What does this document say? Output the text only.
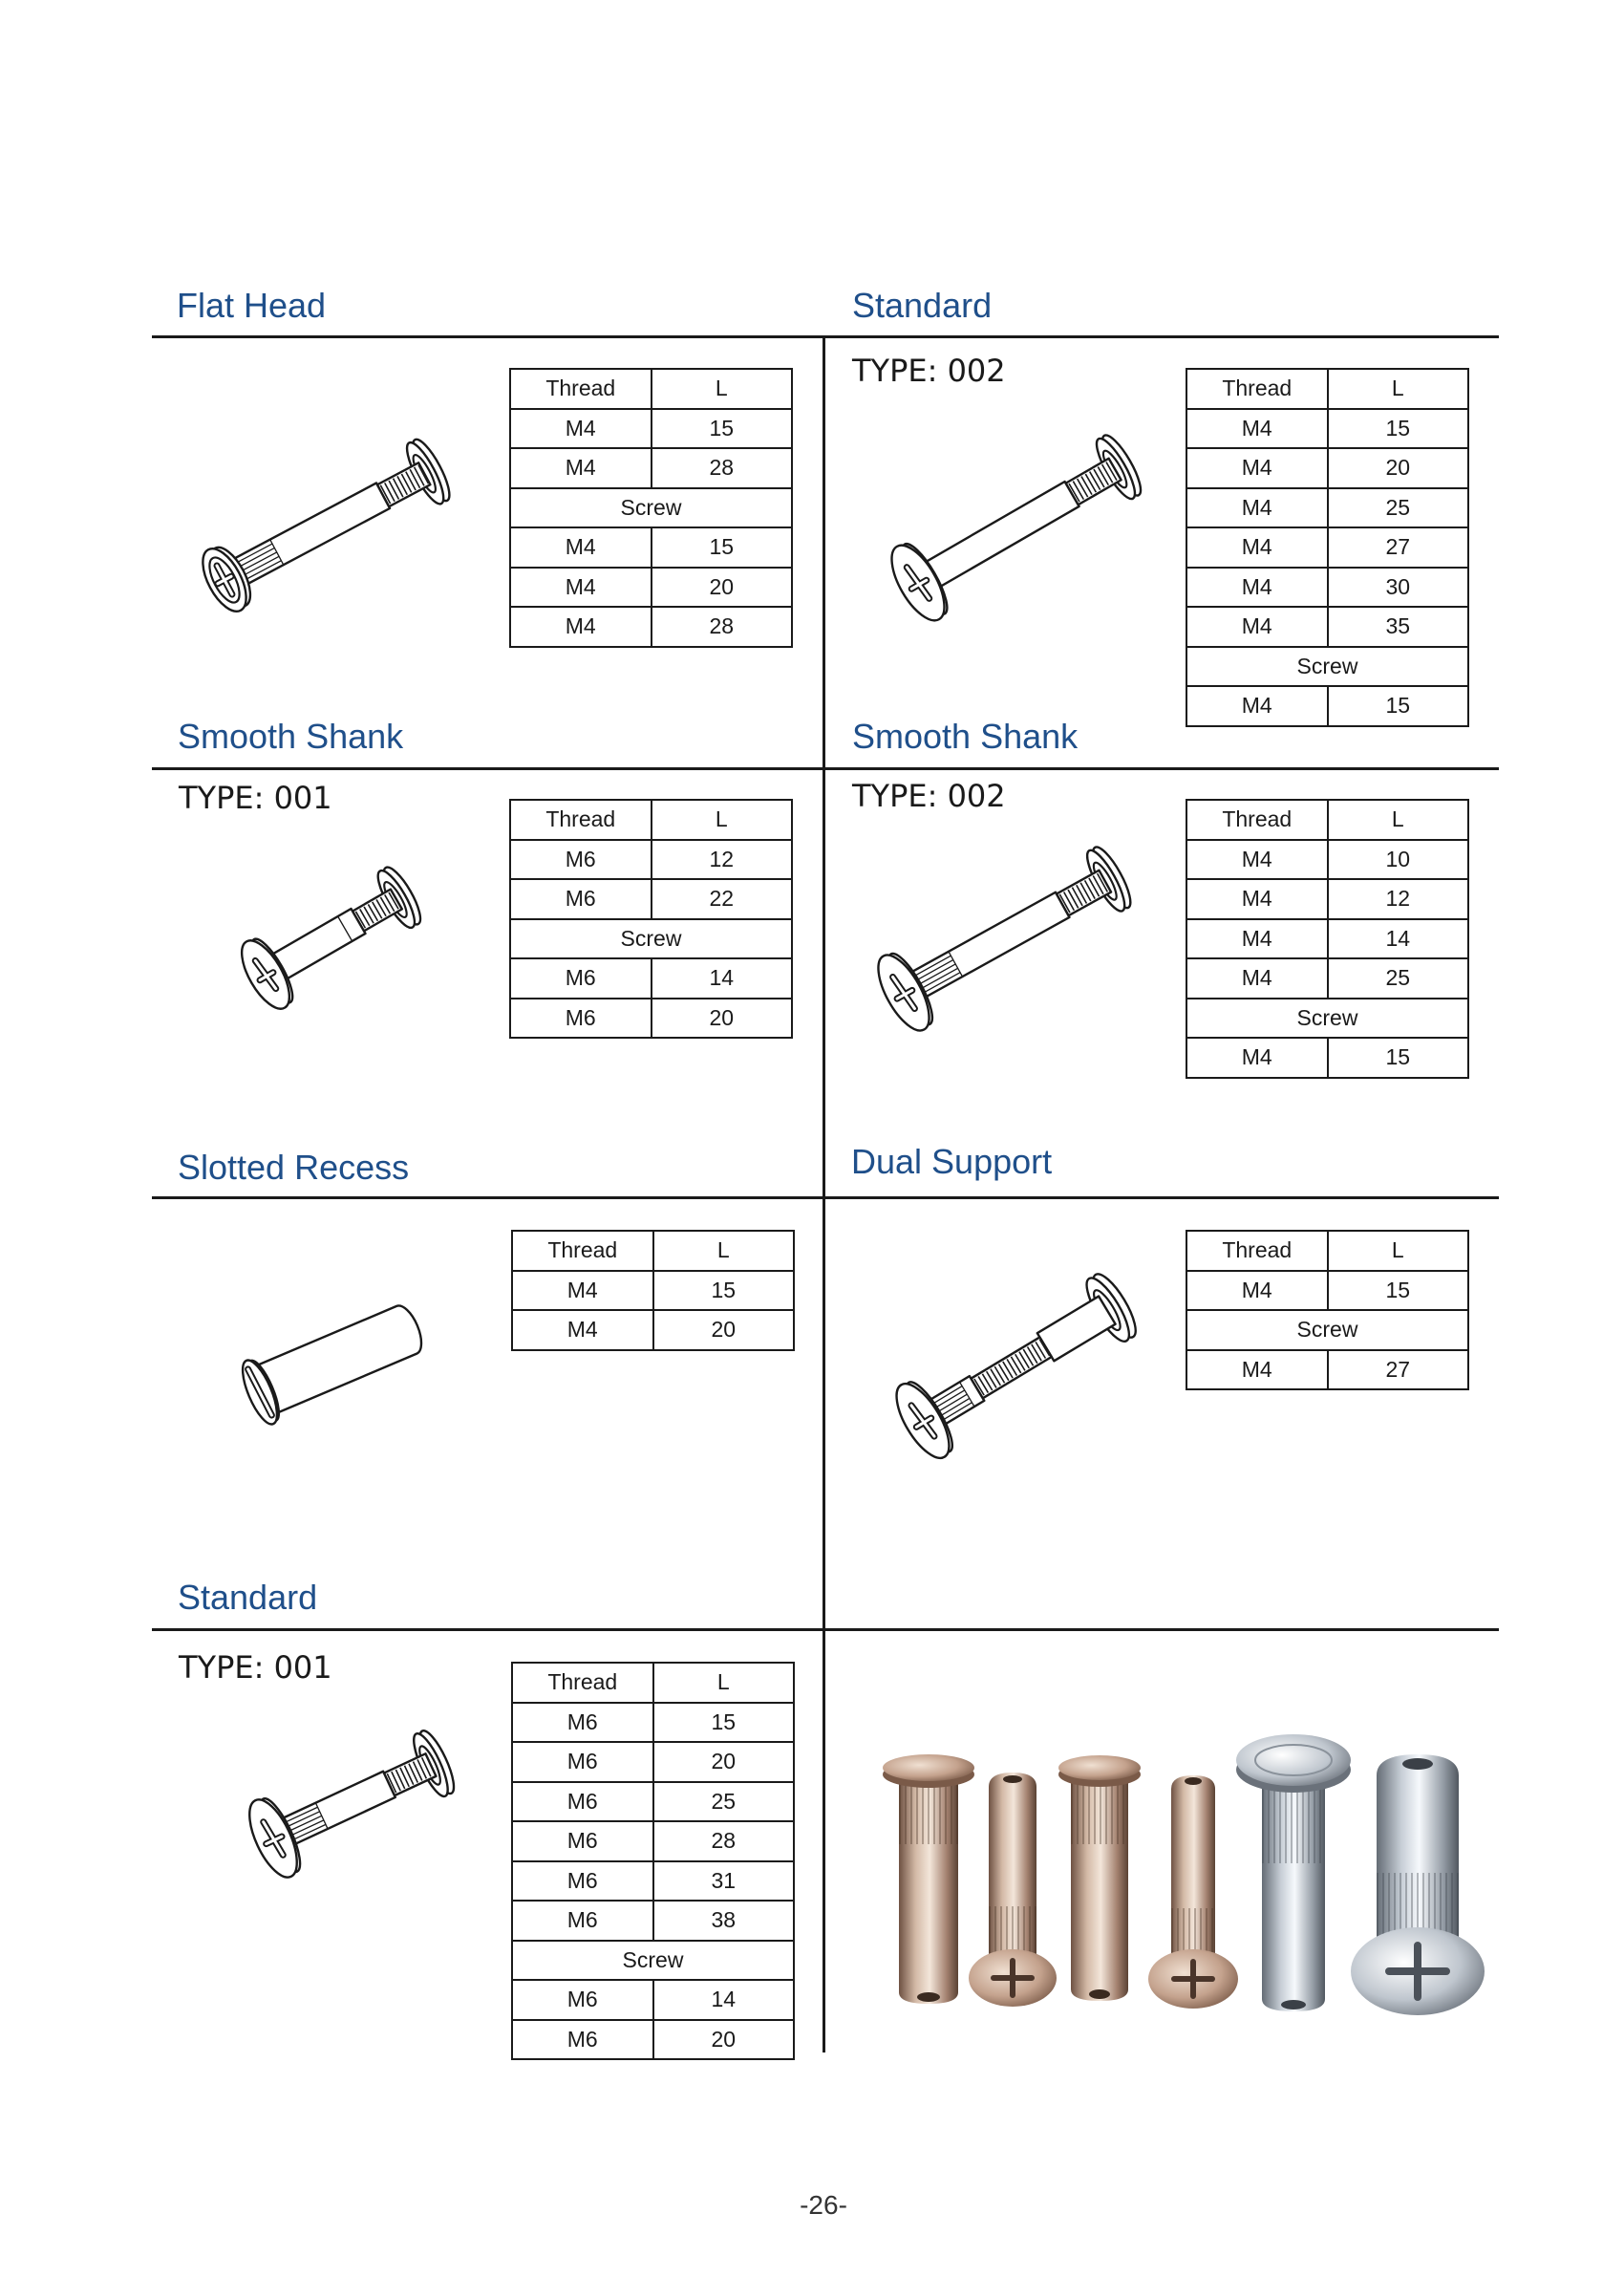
Flat Head	Standard
Smooth Shank	Smooth Shank
Slotted Recess	Dual Support
Standard
TYPE: 002
TYPE: 001	TYPE: 002
TYPE: 001
Thread	L
M4	15
M4	28
Screw	
M4	15
M4	20
M4	28
Thread	L
M4	15
M4	20
M4	25
M4	27
M4	30
M4	35
Screw	
M4	15
Thread	L
M6	12
M6	22
Screw	
M6	14
M6	20
Thread	L
M4	10
M4	12
M4	14
M4	25
Screw	
M4	15
Thread	L
M4	15
M4	20
Thread	L
M4	15
Screw	
M4	27
Thread	L
M6	15
M6	20
M6	25
M6	28
M6	31
M6	38
Screw	
M6	14
M6	20
-26-
